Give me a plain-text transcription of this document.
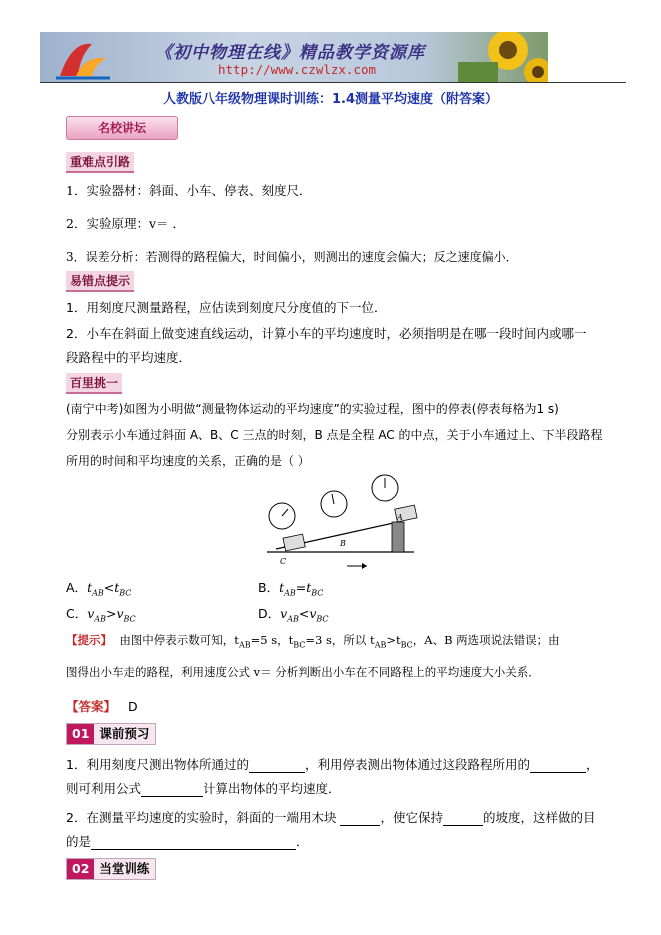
《初中物理在线》精品教学资源库
http://www.czwlzx.com
人教版八年级物理课时训练：1.4测量平均速度（附答案）
名校讲坛
重难点引路
1．实验器材：斜面、小车、停表、刻度尺．
2．实验原理：v＝ ．
3．误差分析：若测得的路程偏大，时间偏小，则测出的速度会偏大；反之速度偏小．
易错点提示
1．用刻度尺测量路程，应估读到刻度尺分度值的下一位．
2．小车在斜面上做变速直线运动，计算小车的平均速度时，必须指明是在哪一段时间内或哪一
段路程中的平均速度．
百里挑一
(南宁中考)如图为小明做“测量物体运动的平均速度”的实验过程，图中的停表(停表每格为1 s)
分别表示小车通过斜面 A、B、C 三点的时刻，B 点是全程 AC 的中点，关于小车通过上、下半段路程
所用的时间和平均速度的关系，正确的是（ ）
C
B
A
A．$t_{AB}<t_{BC}$	B．$t_{AB}=t_{BC}$
C．$v_{AB}>v_{BC}$	D．$v_{AB}<v_{BC}$
【提示】 由图中停表示数可知，$t_{AB}=5$ s，$t_{BC}=3$ s，所以 $t_{AB}>t_{BC}$，A、B 两选项说法错误；由
图得出小车走的路程，利用速度公式 v＝ 分析判断出小车在不同路程上的平均速度大小关系．
【答案】 D
01 课前预习
1．利用刻度尺测出物体所通过的	，利用停表测出物体通过这段路程所用的	，
则可利用公式	计算出物体的平均速度．
2．在测量平均速度的实验时，斜面的一端用木块	，使它保持	的坡度，这样做的目
的是	．
02 当堂训练
